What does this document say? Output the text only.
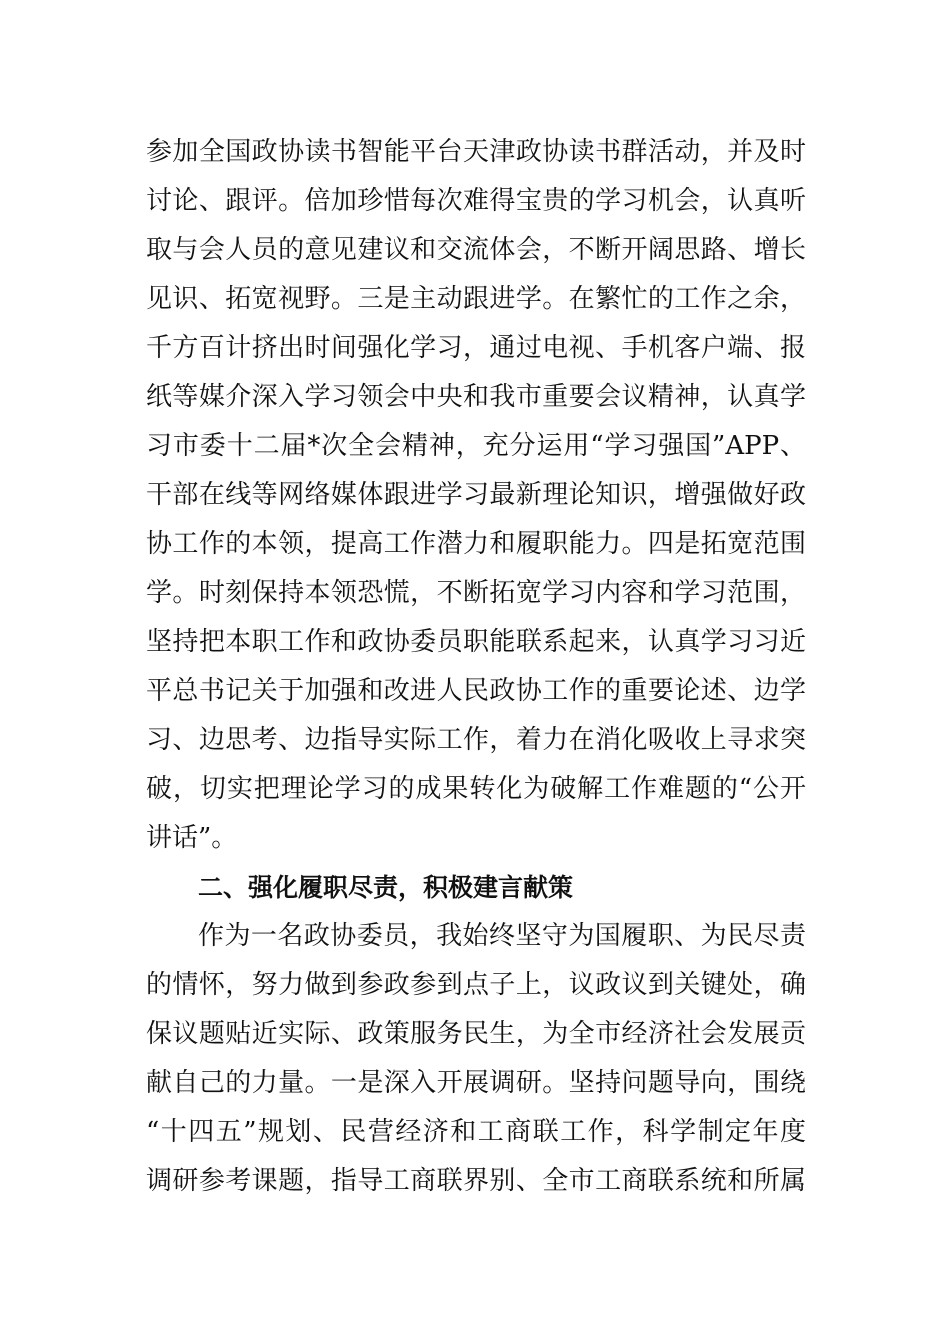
参加全国政协读书智能平台天津政协读书群活动，并及时
讨论、跟评。倍加珍惜每次难得宝贵的学习机会，认真听
取与会人员的意见建议和交流体会，不断开阔思路、增长
见识、拓宽视野。三是主动跟进学。在繁忙的工作之余，
千方百计挤出时间强化学习，通过电视、手机客户端、报
纸等媒介深入学习领会中央和我市重要会议精神，认真学
习市委十二届*次全会精神，充分运用“学习强国”APP、
干部在线等网络媒体跟进学习最新理论知识，增强做好政
协工作的本领，提高工作潜力和履职能力。四是拓宽范围
学。时刻保持本领恐慌，不断拓宽学习内容和学习范围，
坚持把本职工作和政协委员职能联系起来，认真学习习近
平总书记关于加强和改进人民政协工作的重要论述、边学
习、边思考、边指导实际工作，着力在消化吸收上寻求突
破，切实把理论学习的成果转化为破解工作难题的“公开
讲话”。
二、强化履职尽责，积极建言献策
作为一名政协委员，我始终坚守为国履职、为民尽责
的情怀，努力做到参政参到点子上，议政议到关键处，确
保议题贴近实际、政策服务民生，为全市经济社会发展贡
献自己的力量。一是深入开展调研。坚持问题导向，围绕
“十四五”规划、民营经济和工商联工作，科学制定年度
调研参考课题，指导工商联界别、全市工商联系统和所属
